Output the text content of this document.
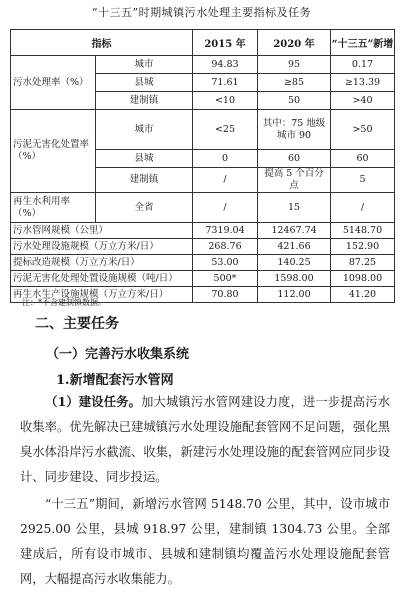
“十三五”时期城镇污水处理主要指标及任务
指标		2015 年	2020 年	“十三五”新增
污水处理率（%）	城市	94.83	95	0.17
	县城	71.61	≥85	≥13.39
	建制镇	<10	50	>40
污泥无害化处置率（%）	城市	<25	其中：75 地级城市 90	>50
	县城	0	60	60
	建制镇	/	提高 5 个百分点	5
再生水利用率（%）	全省	/	15	/
污水管网规模（公里）		7319.04	12467.74	5148.70
污水处理设施规模（万立方米/日）		268.76	421.66	152.90
提标改造规模（万立方米/日）		53.00	140.25	87.25
污泥无害化处理处置设施规模（吨/日）		500*	1598.00	1098.00
再生水生产设施规模（万立方米/日）		70.80	112.00	41.20
注：*不含建制镇数据。
二、主要任务
（一）完善污水收集系统
1.新增配套污水管网
（1）建设任务。加大城镇污水管网建设力度，进一步提高污水收集率。优先解决已建城镇污水处理设施配套管网不足问题，强化黑臭水体沿岸污水截流、收集，新建污水处理设施的配套管网应同步设计、同步建设、同步投运。
“十三五”期间，新增污水管网 5148.70 公里，其中，设市城市 2925.00 公里，县城 918.97 公里，建制镇 1304.73 公里。全部建成后，所有设市城市、县城和建制镇均覆盖污水处理设施配套管网，大幅提高污水收集能力。
